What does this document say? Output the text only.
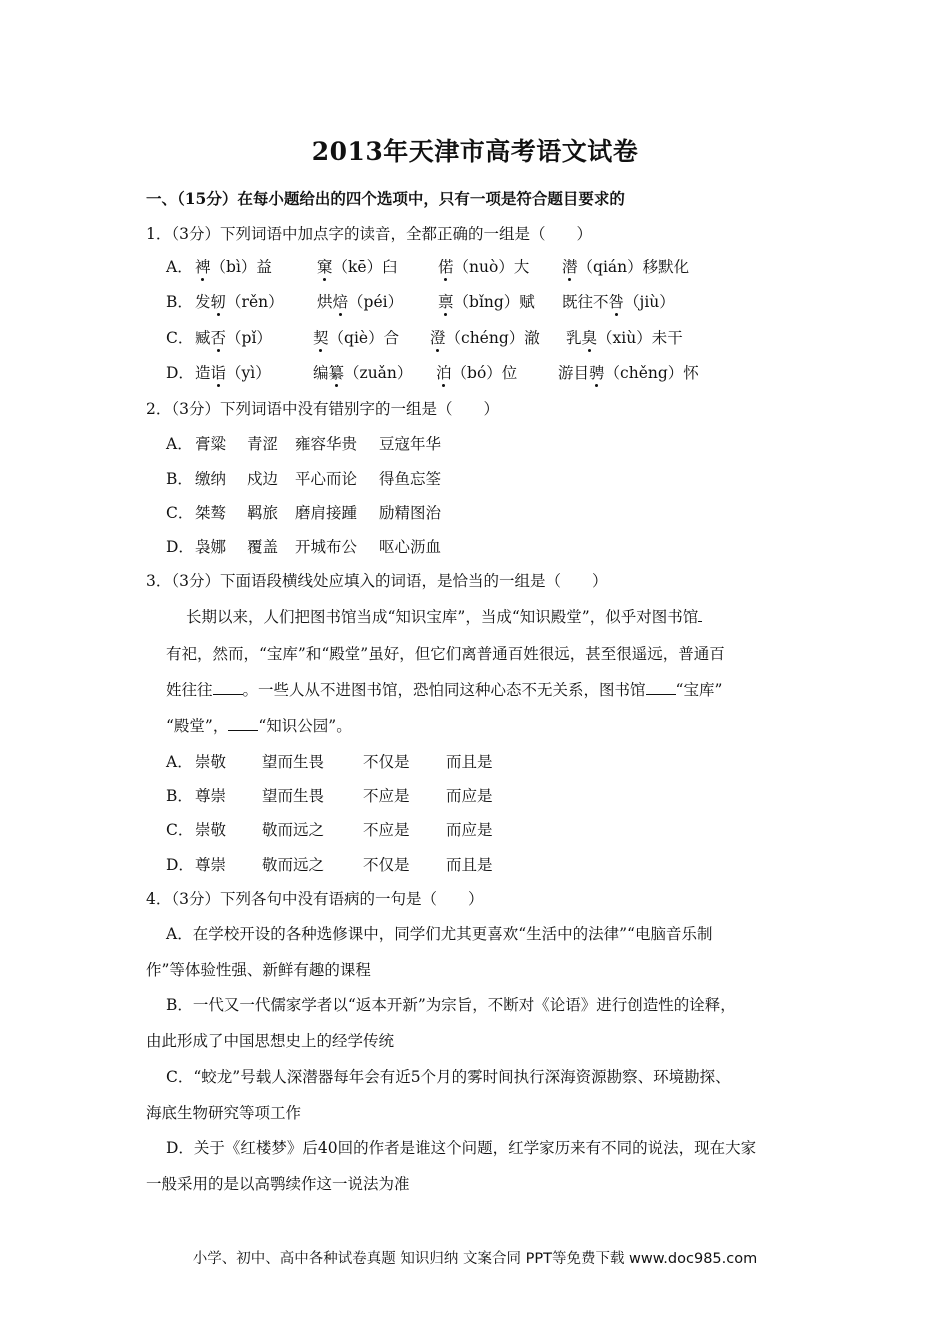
2013年天津市高考语文试卷
一、（15分）在每小题给出的四个选项中，只有一项是符合题目要求的
1．（3分）下列词语中加点字的读音，全都正确的一组是（　　）
A． 裨（bì）益	窠（kē）臼	偌（nuò）大 潜（qián）移默化
B． 发轫（rěn） 烘焙（péi） 禀（bǐng）赋 既往不咎（jiù）
C． 臧否（pǐ）	契（qiè）合 澄（chéng）澈 乳臭（xiù）未干
D． 造诣（yì）	编纂（zuǎn） 泊（bó）位	游目骋（chěng）怀
2．（3分）下列词语中没有错别字的一组是（　　）
A． 膏粱 青涩 雍容华贵 豆寇年华
B． 缴纳 戍边 平心而论 得鱼忘筌
C． 桀骜 羁旅 磨肩接踵 励精图治
D． 袅娜 覆盖 开城布公 呕心沥血
3．（3分）下面语段横线处应填入的词语，是恰当的一组是（　　）
长期以来，人们把图书馆当成“知识宝库”，当成“知识殿堂”，似乎对图书馆
有祀，然而，“宝库”和“殿堂”虽好，但它们离普通百姓很远，甚至很遥远，普通百
姓往往 。一些人从不进图书馆，恐怕同这种心态不无关系，图书馆 “宝库”
“殿堂”， “知识公园”。
A． 崇敬 望而生畏	不仅是 而且是
B． 尊崇 望而生畏	不应是 而应是
C． 崇敬 敬而远之	不应是 而应是
D． 尊崇 敬而远之	不仅是 而且是
4．（3分）下列各句中没有语病的一句是（　　）
A．在学校开设的各种选修课中，同学们尤其更喜欢“生活中的法律”“电脑音乐制
作”等体验性强、新鲜有趣的课程
B．一代又一代儒家学者以“返本开新”为宗旨，不断对《论语》进行创造性的诠释，
由此形成了中国思想史上的经学传统
C．“蛟龙”号载人深潜器每年会有近5个月的雾时间执行深海资源勘察、环境勘探、
海底生物研究等项工作
D．关于《红楼梦》后40回的作者是谁这个问题，红学家历来有不同的说法，现在大家
一般采用的是以高鹗续作这一说法为准
小学、初中、高中各种试卷真题 知识归纳 文案合同 PPT等免费下载 www.doc985.com
